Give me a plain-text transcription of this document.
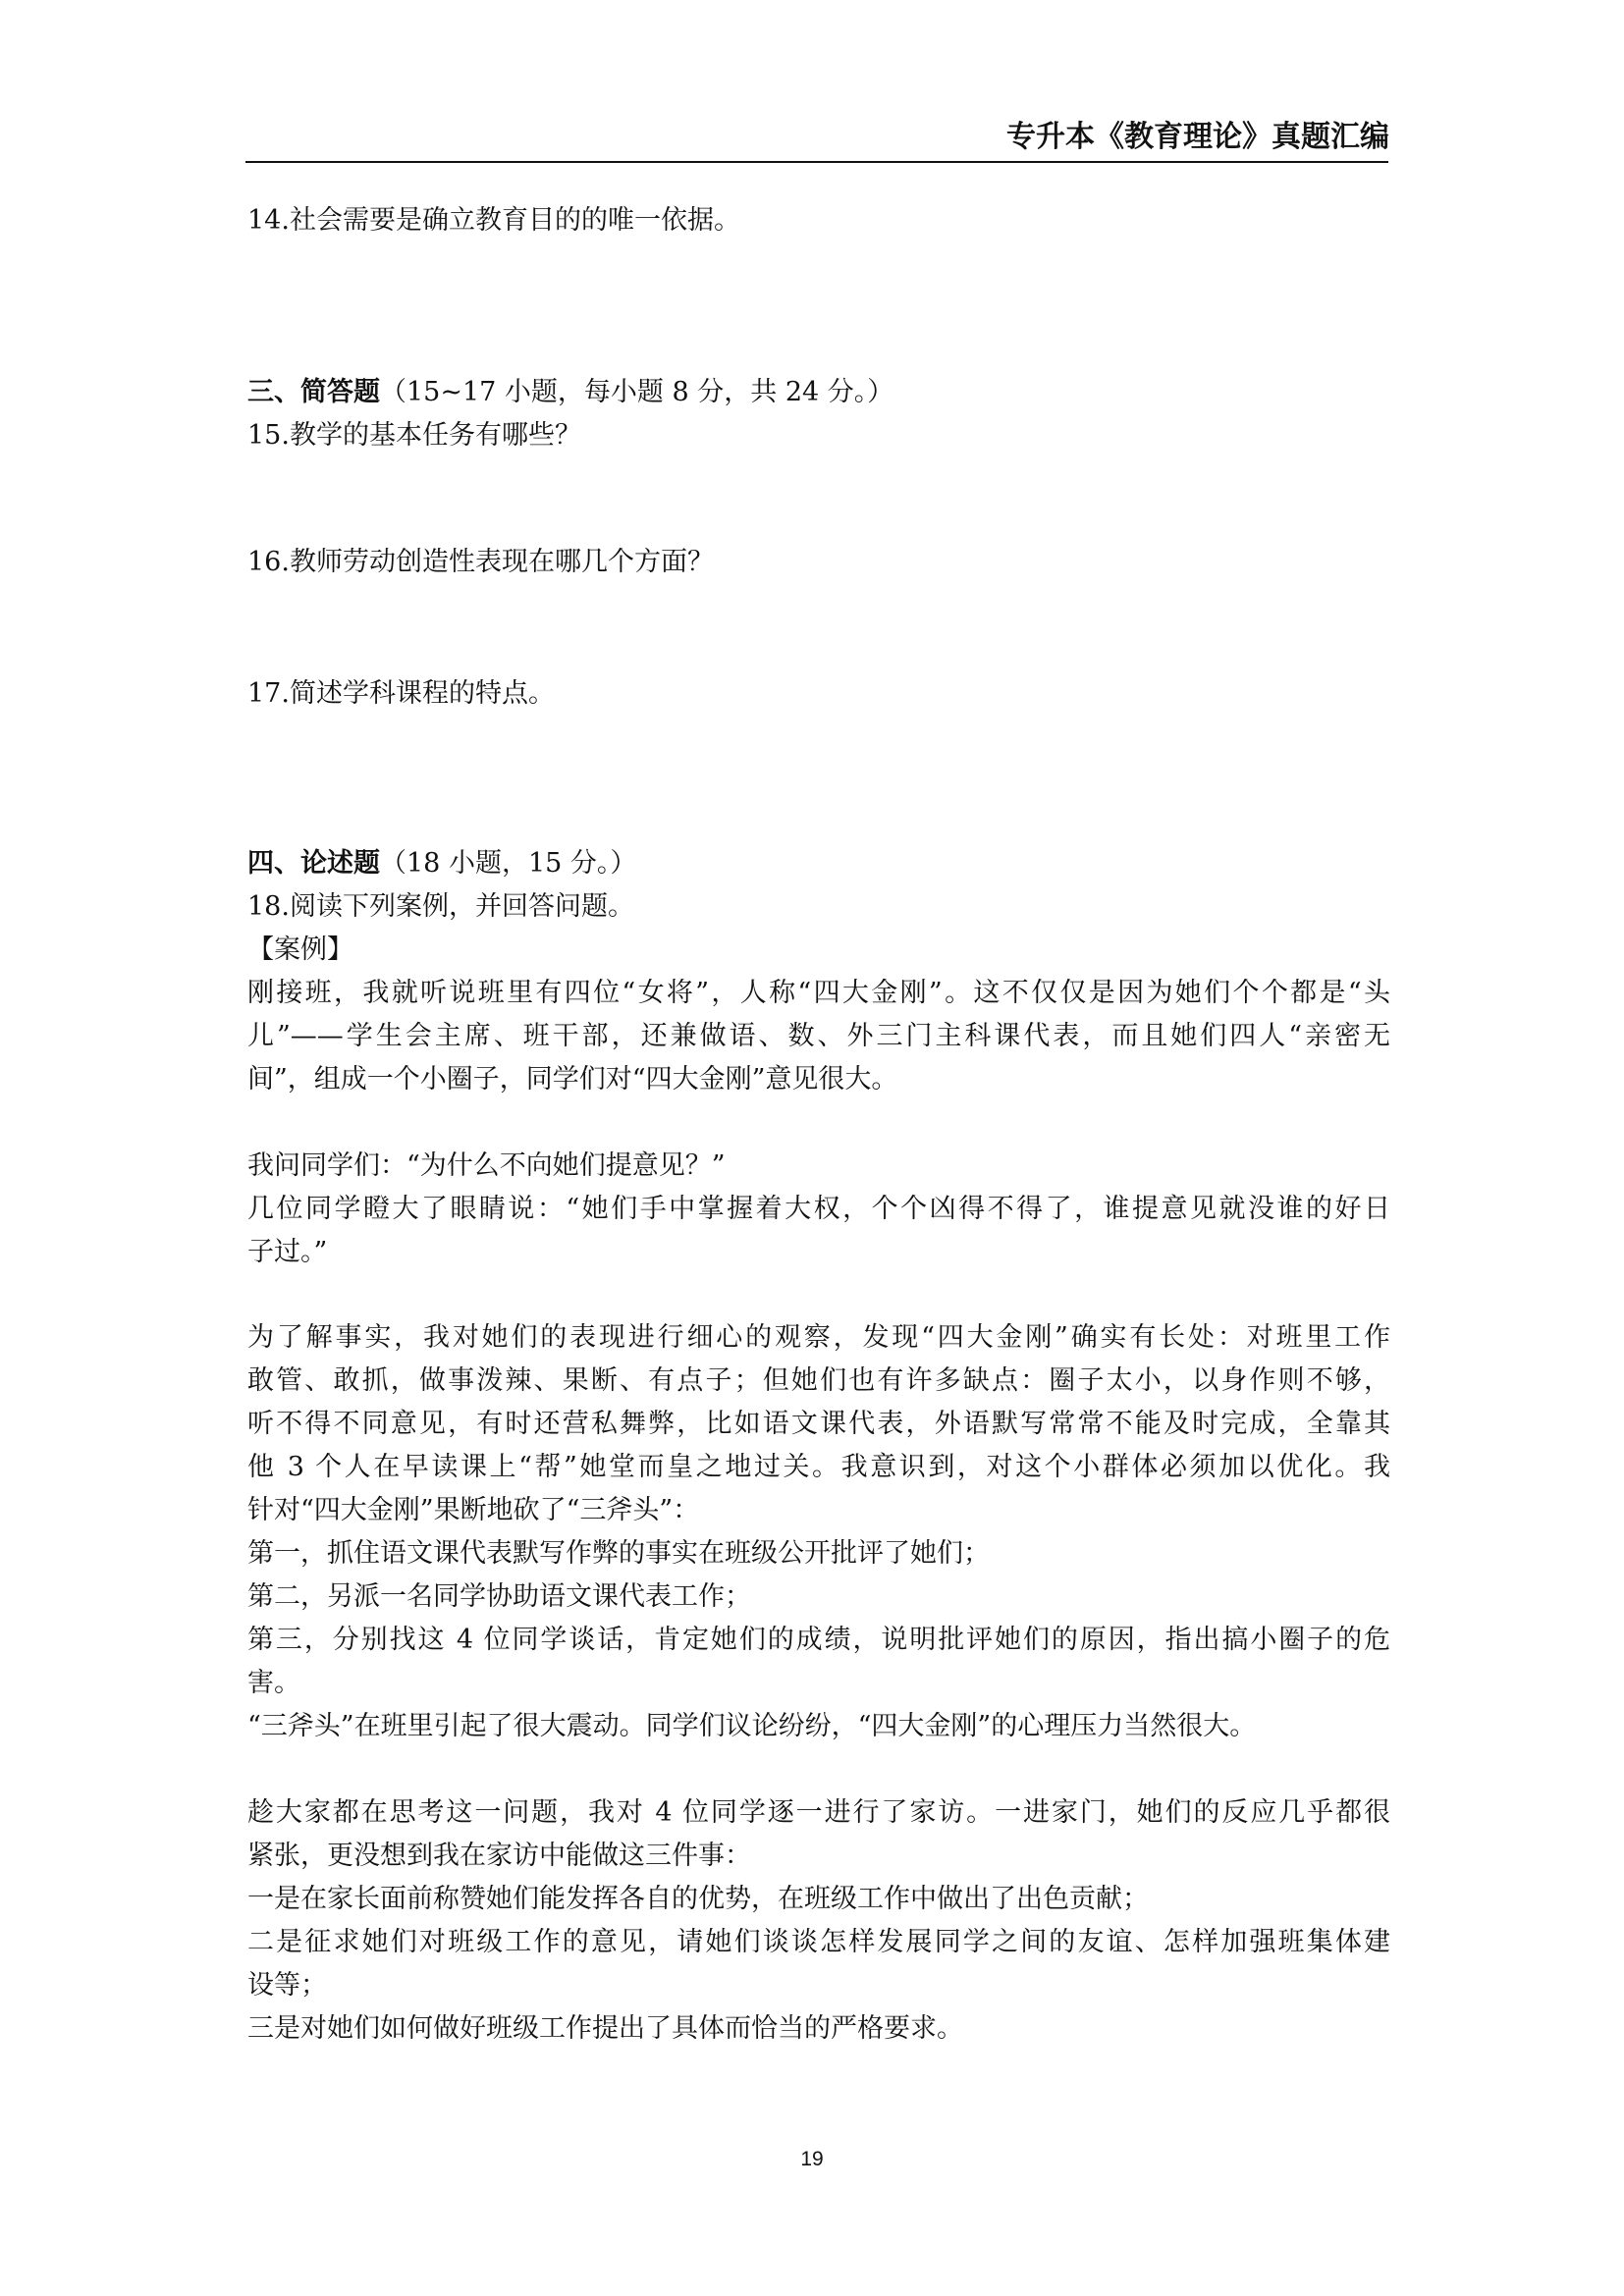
专升本《教育理论》真题汇编
14.社会需要是确立教育目的的唯一依据。
三、简答题（15~17 小题，每小题 8 分，共 24 分。）
15.教学的基本任务有哪些？
16.教师劳动创造性表现在哪几个方面？
17.简述学科课程的特点。
四、论述题（18 小题，15 分。）
18.阅读下列案例，并回答问题。
【案例】
刚接班，我就听说班里有四位“女将”，人称“四大金刚”。这不仅仅是因为她们个个都是“头
儿”——学生会主席、班干部，还兼做语、数、外三门主科课代表，而且她们四人“亲密无
间”，组成一个小圈子，同学们对“四大金刚”意见很大。
我问同学们：“为什么不向她们提意见？”
几位同学瞪大了眼睛说：“她们手中掌握着大权，个个凶得不得了，谁提意见就没谁的好日
子过。”
为了解事实，我对她们的表现进行细心的观察，发现“四大金刚”确实有长处：对班里工作
敢管、敢抓，做事泼辣、果断、有点子；但她们也有许多缺点：圈子太小，以身作则不够，
听不得不同意见，有时还营私舞弊，比如语文课代表，外语默写常常不能及时完成，全靠其
他 3 个人在早读课上“帮”她堂而皇之地过关。我意识到，对这个小群体必须加以优化。我
针对“四大金刚”果断地砍了“三斧头”：
第一，抓住语文课代表默写作弊的事实在班级公开批评了她们；
第二，另派一名同学协助语文课代表工作；
第三，分别找这 4 位同学谈话，肯定她们的成绩，说明批评她们的原因，指出搞小圈子的危
害。
“三斧头”在班里引起了很大震动。同学们议论纷纷，“四大金刚”的心理压力当然很大。
趁大家都在思考这一问题，我对 4 位同学逐一进行了家访。一进家门，她们的反应几乎都很
紧张，更没想到我在家访中能做这三件事：
一是在家长面前称赞她们能发挥各自的优势，在班级工作中做出了出色贡献；
二是征求她们对班级工作的意见，请她们谈谈怎样发展同学之间的友谊、怎样加强班集体建
设等；
三是对她们如何做好班级工作提出了具体而恰当的严格要求。
19
